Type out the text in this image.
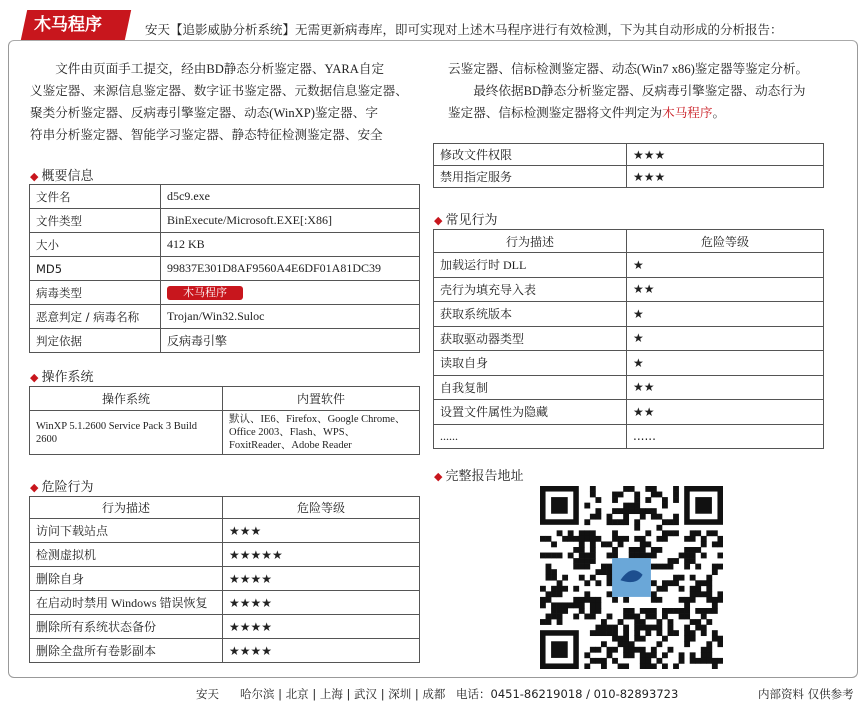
木马程序	安天【追影威胁分析系统】无需更新病毒库，即可实现对上述木马程序进行有效检测，下为其自动形成的分析报告：
文件由页面手工提交，经由BD静态分析鉴定器、YARA自定
义鉴定器、来源信息鉴定器、数字证书鉴定器、元数据信息鉴定器、
聚类分析鉴定器、反病毒引擎鉴定器、动态(WinXP)鉴定器、字
符串分析鉴定器、智能学习鉴定器、静态特征检测鉴定器、安全
云鉴定器、信标检测鉴定器、动态(Win7 x86)鉴定器等鉴定分析。
最终依据BD静态分析鉴定器、反病毒引擎鉴定器、动态行为
鉴定器、信标检测鉴定器将文件判定为木马程序。
◆ 概要信息
文件名	d5c9.exe
文件类型	BinExecute/Microsoft.EXE[:X86]
大小	412 KB
MD5	99837E301D8AF9560A4E6DF01A81DC39
病毒类型	木马程序
恶意判定 / 病毒名称	Trojan/Win32.Suloc
判定依据	反病毒引擎
◆ 操作系统
操作系统	内置软件
WinXP 5.1.2600 Service Pack 3 Build 2600	默认、IE6、Firefox、Google Chrome、Office 2003、Flash、WPS、FoxitReader、Adobe Reader
◆ 危险行为
行为描述	危险等级
访问下载站点	★★★
检测虚拟机	★★★★★
删除自身	★★★★
在启动时禁用 Windows 错误恢复	★★★★
删除所有系统状态备份	★★★★
删除全盘所有卷影副本	★★★★
修改文件权限	★★★
禁用指定服务	★★★
◆ 常见行为
行为描述	危险等级
加载运行时 DLL	★
壳行为填充导入表	★★
获取系统版本	★
获取驱动器类型	★
读取自身	★
自我复制	★★
设置文件属性为隐藏	★★
......	......
◆ 完整报告地址
安天 哈尔滨 | 北京 | 上海 | 武汉 | 深圳 | 成都 电话：0451-86219018 / 010-82893723	内部资料 仅供参考
